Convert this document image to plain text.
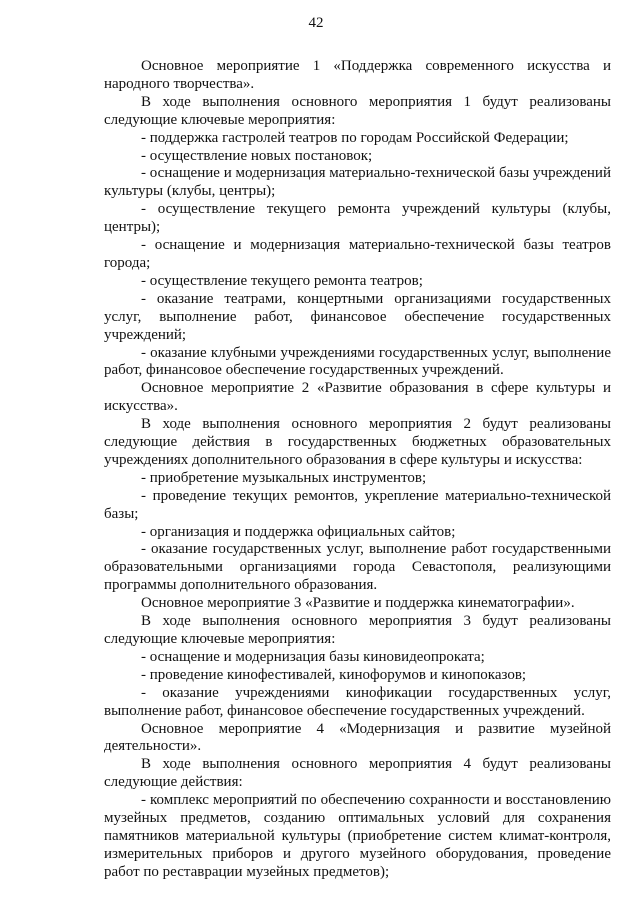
42

Основное мероприятие 1 «Поддержка современного искусства и народного творчества».

В ходе выполнения основного мероприятия 1 будут реализованы следующие ключевые мероприятия:

- поддержка гастролей театров по городам Российской Федерации;

- осуществление новых постановок;

- оснащение и модернизация материально-технической базы учреждений культуры (клубы, центры);

- осуществление текущего ремонта учреждений культуры (клубы, центры);

- оснащение и модернизация материально-технической базы театров города;

- осуществление текущего ремонта театров;

- оказание театрами, концертными организациями государственных услуг, выполнение работ, финансовое обеспечение государственных учреждений;

- оказание клубными учреждениями государственных услуг, выполнение работ, финансовое обеспечение государственных учреждений.

Основное мероприятие 2 «Развитие образования в сфере культуры и искусства».

В ходе выполнения основного мероприятия 2 будут реализованы следующие действия в государственных бюджетных образовательных учреждениях дополнительного образования в сфере культуры и искусства:

- приобретение музыкальных инструментов;

- проведение текущих ремонтов, укрепление материально-технической базы;

- организация и поддержка официальных сайтов;

- оказание государственных услуг, выполнение работ государственными образовательными организациями города Севастополя, реализующими программы дополнительного образования.

Основное мероприятие 3 «Развитие и поддержка кинематографии».

В ходе выполнения основного мероприятия 3 будут реализованы следующие ключевые мероприятия:

- оснащение и модернизация базы киновидеопроката;

- проведение кинофестивалей, кинофорумов и кинопоказов;

- оказание учреждениями кинофикации государственных услуг, выполнение работ, финансовое обеспечение государственных учреждений.

Основное мероприятие 4 «Модернизация и развитие музейной деятельности».

В ходе выполнения основного мероприятия 4 будут реализованы следующие действия:

- комплекс мероприятий по обеспечению сохранности и восстановлению музейных предметов, созданию оптимальных условий для сохранения памятников материальной культуры (приобретение систем климат-контроля, измерительных приборов и другого музейного оборудования, проведение работ по реставрации музейных предметов);
